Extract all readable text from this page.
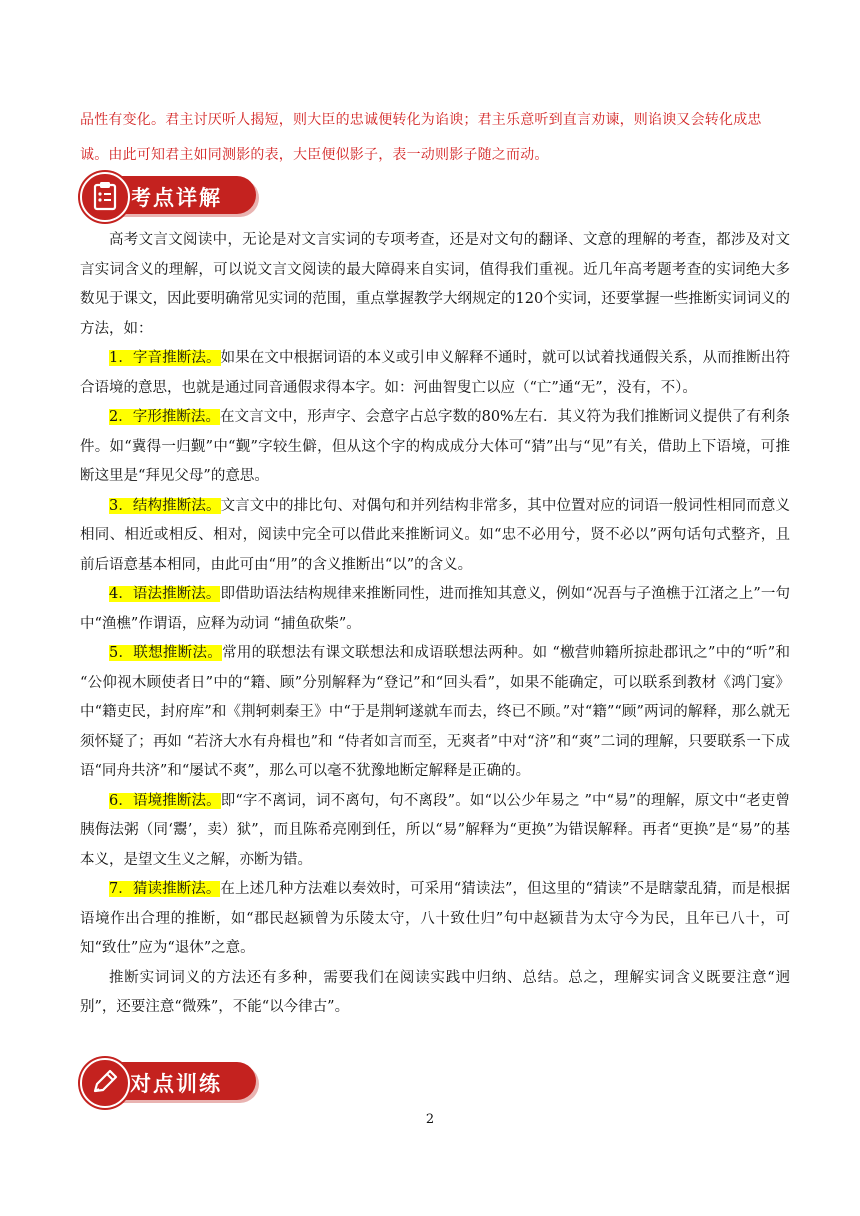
品性有变化。君主讨厌听人揭短，则大臣的忠诚便转化为谄谀；君主乐意听到直言劝谏，则谄谀又会转化成忠诚。由此可知君主如同测影的表，大臣便似影子，表一动则影子随之而动。
考点详解

高考文言文阅读中，无论是对文言实词的专项考查，还是对文句的翻译、文意的理解的考查，都涉及对文言实词含义的理解，可以说文言文阅读的最大障碍来自实词，值得我们重视。近几年高考题考查的实词绝大多数见于课文，因此要明确常见实词的范围，重点掌握教学大纲规定的120个实词，还要掌握一些推断实词词义的方法，如：

1．字音推断法。如果在文中根据词语的本义或引申义解释不通时，就可以试着找通假关系，从而推断出符合语境的意思，也就是通过同音通假求得本字。如：河曲智叟亡以应（“亡”通“无”，没有，不）。

2．字形推断法。在文言文中，形声字、会意字占总字数的80%左右．其义符为我们推断词义提供了有利条件。如“冀得一归觐”中“觐”字较生僻，但从这个字的构成成分大体可“猜”出与“见”有关，借助上下语境，可推断这里是“拜见父母”的意思。

3．结构推断法。文言文中的排比句、对偶句和并列结构非常多，其中位置对应的词语一般词性相同而意义相同、相近或相反、相对，阅读中完全可以借此来推断词义。如“忠不必用兮，贤不必以”两句话句式整齐，且前后语意基本相同，由此可由“用”的含义推断出“以”的含义。

4．语法推断法。即借助语法结构规律来推断同性，进而推知其意义，例如“况吾与子渔樵于江渚之上”一句中“渔樵”作谓语，应释为动词 “捕鱼砍柴”。

5．联想推断法。常用的联想法有课文联想法和成语联想法两种。如 “檄营帅籍所掠赴郡讯之”中的“听”和 “公仰视木顾使者日”中的“籍、顾”分别解释为“登记”和“回头看”，如果不能确定，可以联系到教材《鸿门宴》中“籍吏民，封府库”和《荆轲刺秦王》中“于是荆轲遂就车而去，终已不顾。”对“籍”“顾”两词的解释，那么就无须怀疑了；再如 “若济大水有舟楫也”和 “侍者如言而至，无爽者”中对“济”和“爽”二词的理解，只要联系一下成语“同舟共济”和“屡试不爽”，那么可以毫不犹豫地断定解释是正确的。

6．语境推断法。即“字不离词，词不离句，句不离段”。如“以公少年易之 ”中“易”的理解，原文中“老吏曾胰侮法粥（同‘鬻’，卖）狱”，而且陈希亮刚到任，所以“易”解释为“更换”为错误解释。再者“更换”是“易”的基本义，是望文生义之解，亦断为错。

7．猜读推断法。在上述几种方法难以奏效时，可采用“猜读法”，但这里的“猜读”不是瞎蒙乱猜，而是根据语境作出合理的推断，如“郡民赵颍曾为乐陵太守，八十致仕归”句中赵颍昔为太守今为民，且年已八十，可知“致仕”应为“退休”之意。

推断实词词义的方法还有多种，需要我们在阅读实践中归纳、总结。总之，理解实词含义既要注意“迥别”，还要注意“微殊”，不能“以今律古”。

对点训练
2
